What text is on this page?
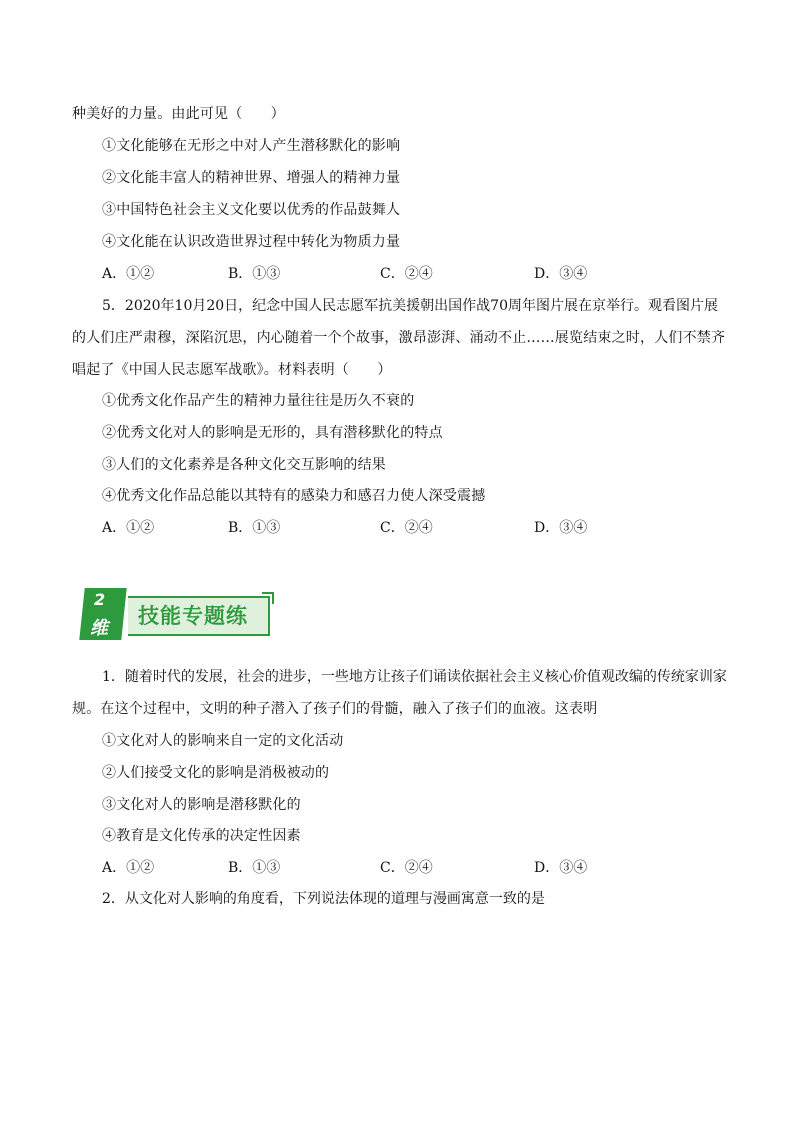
种美好的力量。由此可见（　　）
①文化能够在无形之中对人产生潜移默化的影响
②文化能丰富人的精神世界、增强人的精神力量
③中国特色社会主义文化要以优秀的作品鼓舞人
④文化能在认识改造世界过程中转化为物质力量
A．①②	B．①③	C．②④	D．③④
5．2020年10月20日，纪念中国人民志愿军抗美援朝出国作战70周年图片展在京举行。观看图片展
的人们庄严肃穆，深陷沉思，内心随着一个个故事，激昂澎湃、涌动不止……展览结束之时，人们不禁齐
唱起了《中国人民志愿军战歌》。材料表明（　　）
①优秀文化作品产生的精神力量往往是历久不衰的
②优秀文化对人的影响是无形的，具有潜移默化的特点
③人们的文化素养是各种文化交互影响的结果
④优秀文化作品总能以其特有的感染力和感召力使人深受震撼
A．①②	B．①③	C．②④	D．③④
2
维
技能专题练
1．随着时代的发展，社会的进步，一些地方让孩子们诵读依据社会主义核心价值观改编的传统家训家
规。在这个过程中，文明的种子潜入了孩子们的骨髓，融入了孩子们的血液。这表明
①文化对人的影响来自一定的文化活动
②人们接受文化的影响是消极被动的
③文化对人的影响是潜移默化的
④教育是文化传承的决定性因素
A．①②	B．①③	C．②④	D．③④
2．从文化对人影响的角度看，下列说法体现的道理与漫画寓意一致的是
